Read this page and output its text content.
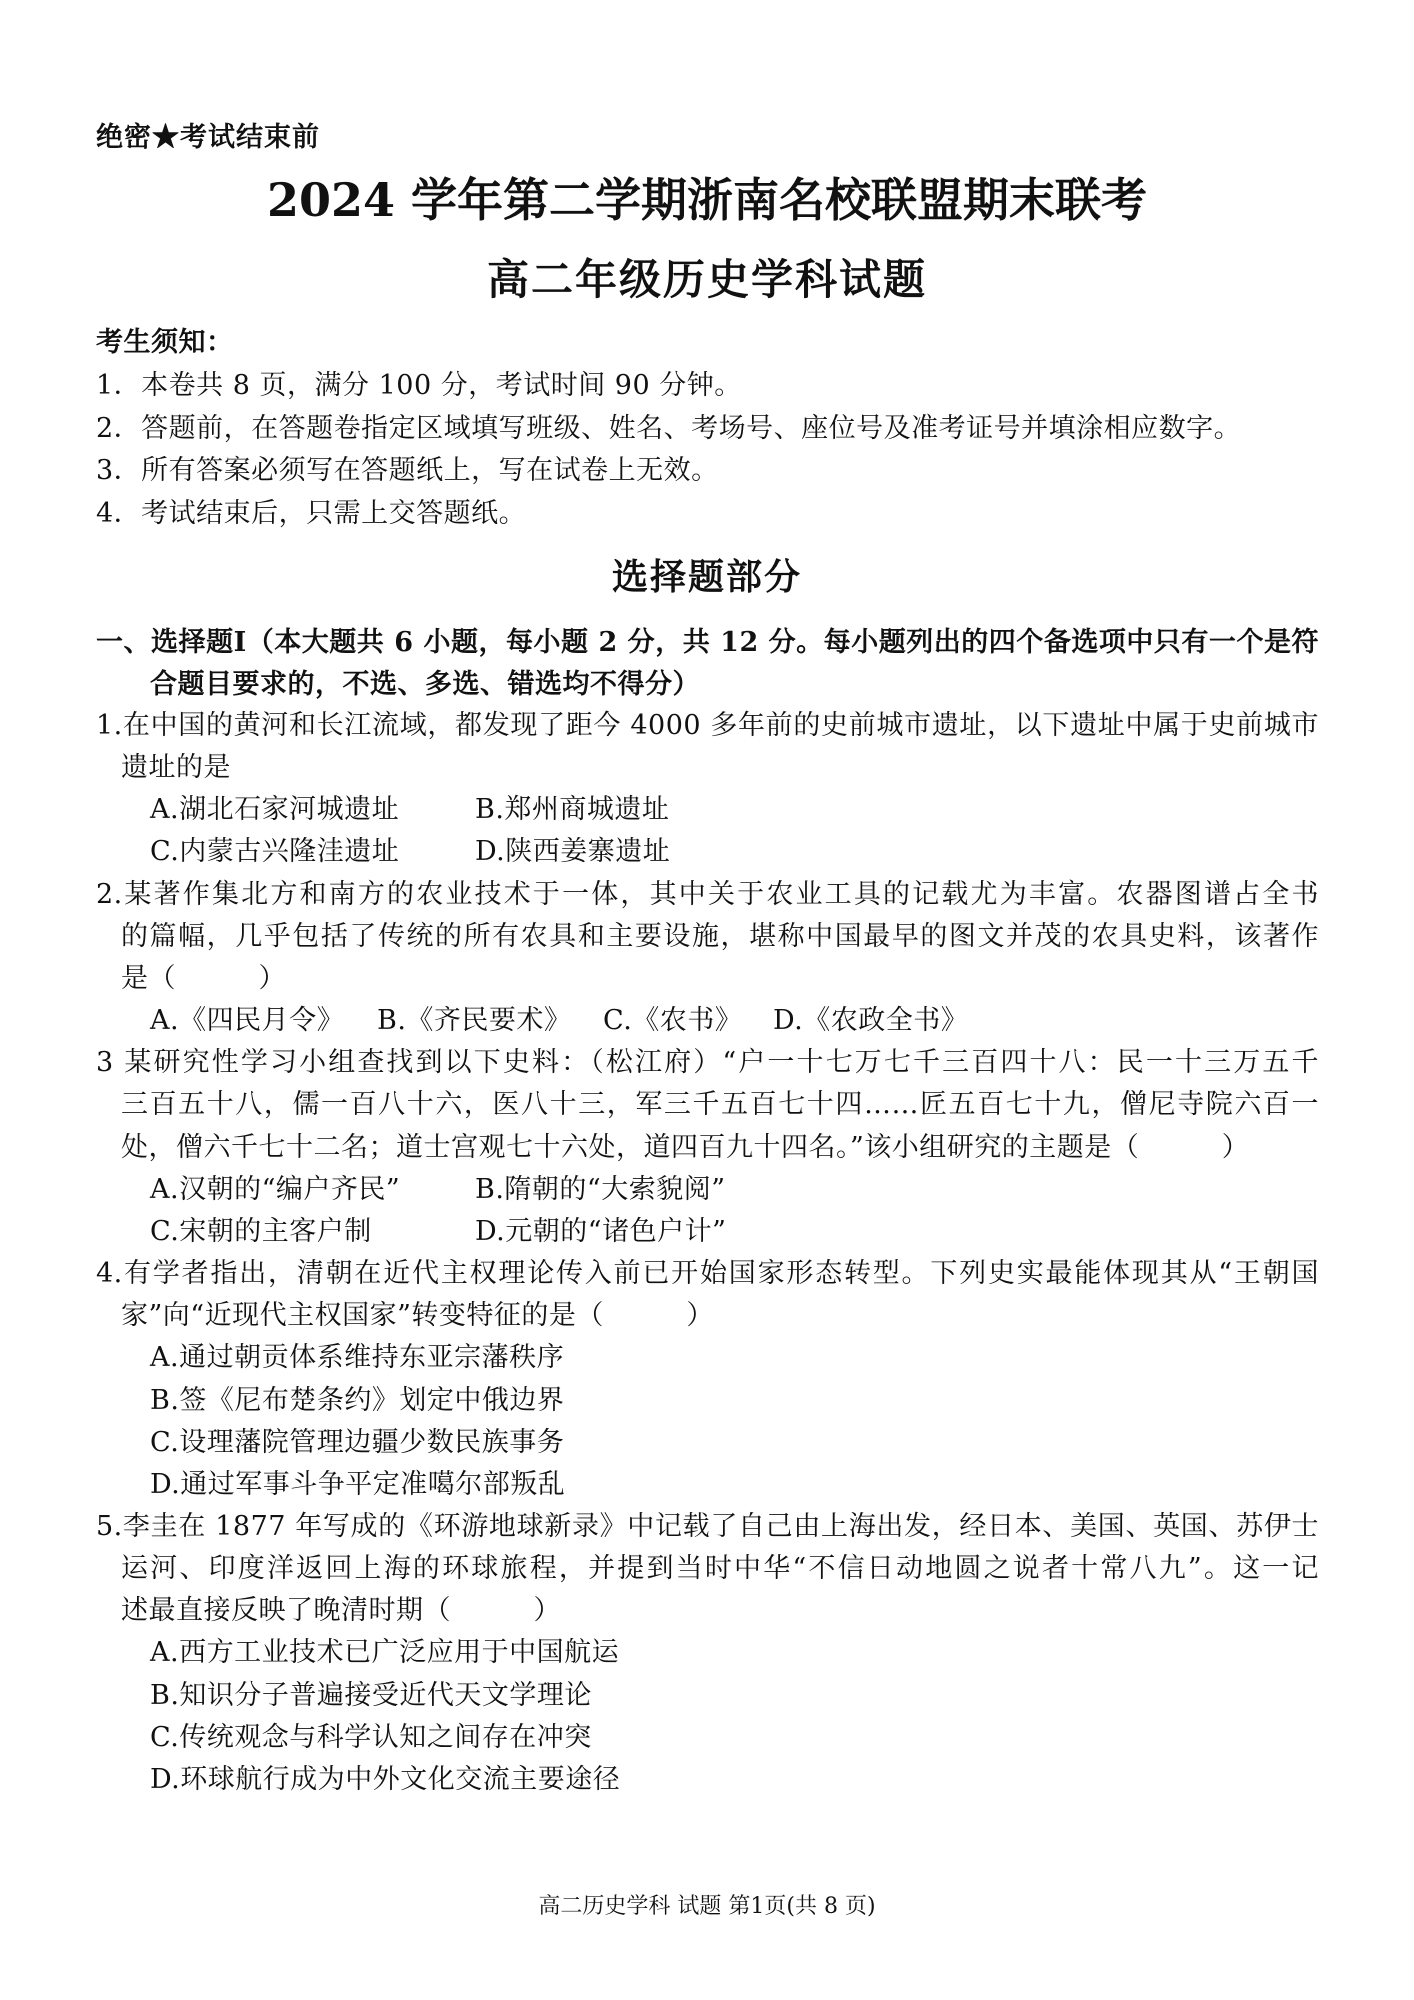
绝密★考试结束前
2024 学年第二学期浙南名校联盟期末联考
高二年级历史学科试题
考生须知：
1．本卷共 8 页，满分 100 分，考试时间 90 分钟。
2．答题前，在答题卷指定区域填写班级、姓名、考场号、座位号及准考证号并填涂相应数字。
3．所有答案必须写在答题纸上，写在试卷上无效。
4．考试结束后，只需上交答题纸。
选择题部分
一、选择题Ⅰ（本大题共 6 小题，每小题 2 分，共 12 分。每小题列出的四个备选项中只有一个是符
合题目要求的，不选、多选、错选均不得分）
1.在中国的黄河和长江流域，都发现了距今 4000 多年前的史前城市遗址，以下遗址中属于史前城市
遗址的是
A.湖北石家河城遗址	B.郑州商城遗址
C.内蒙古兴隆洼遗址	D.陕西姜寨遗址
2.某著作集北方和南方的农业技术于一体，其中关于农业工具的记载尤为丰富。农器图谱占全书
的篇幅，几乎包括了传统的所有农具和主要设施，堪称中国最早的图文并茂的农具史料，该著作
是（　　　）
A.《四民月令》 B.《齐民要术》 C.《农书》 D.《农政全书》
3 某研究性学习小组查找到以下史料：（松江府）“户一十七万七千三百四十八：民一十三万五千
三百五十八，儒一百八十六，医八十三，军三千五百七十四……匠五百七十九，僧尼寺院六百一
处，僧六千七十二名；道士宫观七十六处，道四百九十四名。”该小组研究的主题是（　　　）
A.汉朝的“编户齐民”	B.隋朝的“大索貌阅”
C.宋朝的主客户制	D.元朝的“诸色户计”
4.有学者指出，清朝在近代主权理论传入前已开始国家形态转型。下列史实最能体现其从“王朝国
家”向“近现代主权国家”转变特征的是（　　　）
A.通过朝贡体系维持东亚宗藩秩序
B.签《尼布楚条约》划定中俄边界
C.设理藩院管理边疆少数民族事务
D.通过军事斗争平定准噶尔部叛乱
5.李圭在 1877 年写成的《环游地球新录》中记载了自己由上海出发，经日本、美国、英国、苏伊士
运河、印度洋返回上海的环球旅程，并提到当时中华“不信日动地圆之说者十常八九”。这一记
述最直接反映了晚清时期（　　　）
A.西方工业技术已广泛应用于中国航运
B.知识分子普遍接受近代天文学理论
C.传统观念与科学认知之间存在冲突
D.环球航行成为中外文化交流主要途径
高二历史学科 试题 第1页(共 8 页)
